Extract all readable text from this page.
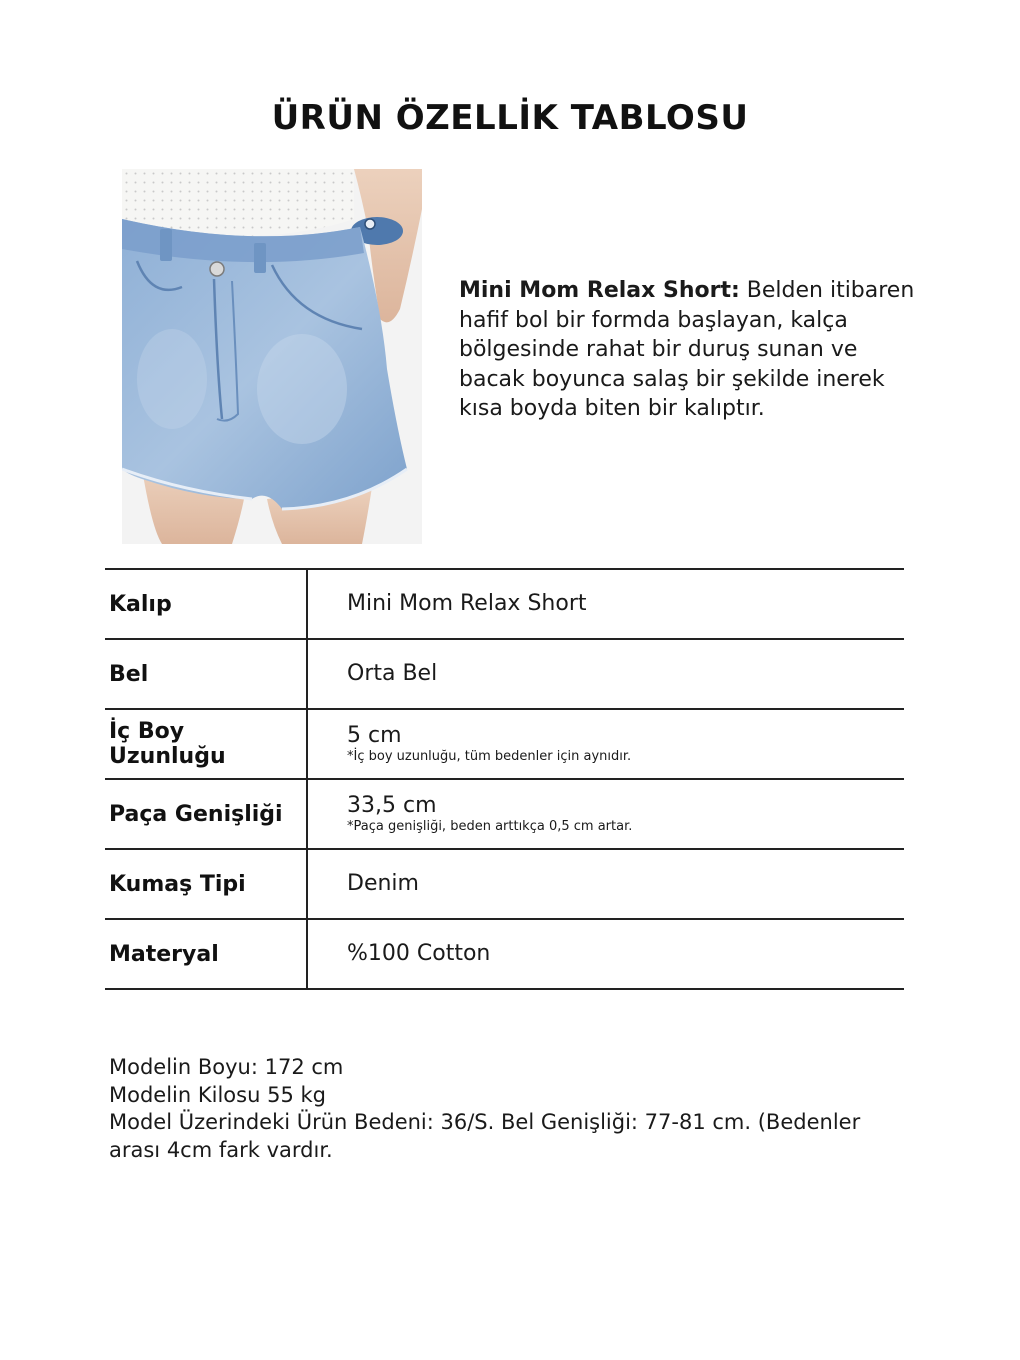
ÜRÜN ÖZELLİK TABLOSU
Mini Mom Relax Short: Belden itibaren hafif bol bir formda başlayan, kalça bölgesinde rahat bir duruş sunan ve bacak boyunca salaş bir şekilde inerek kısa boyda biten bir kalıptır.
Kalıp	Mini Mom Relax Short

Bel	Orta Bel

İç Boy Uzunluğu	5 cm
*İç boy uzunluğu, tüm bedenler için aynıdır.

Paça Genişliği	33,5 cm
*Paça genişliği, beden arttıkça 0,5 cm artar.

Kumaş Tipi	Denim

Materyal	%100 Cotton
Modelin Boyu: 172 cm
Modelin Kilosu 55 kg
Model Üzerindeki Ürün Bedeni: 36/S. Bel Genişliği: 77-81 cm. (Bedenler arası 4cm fark vardır.
